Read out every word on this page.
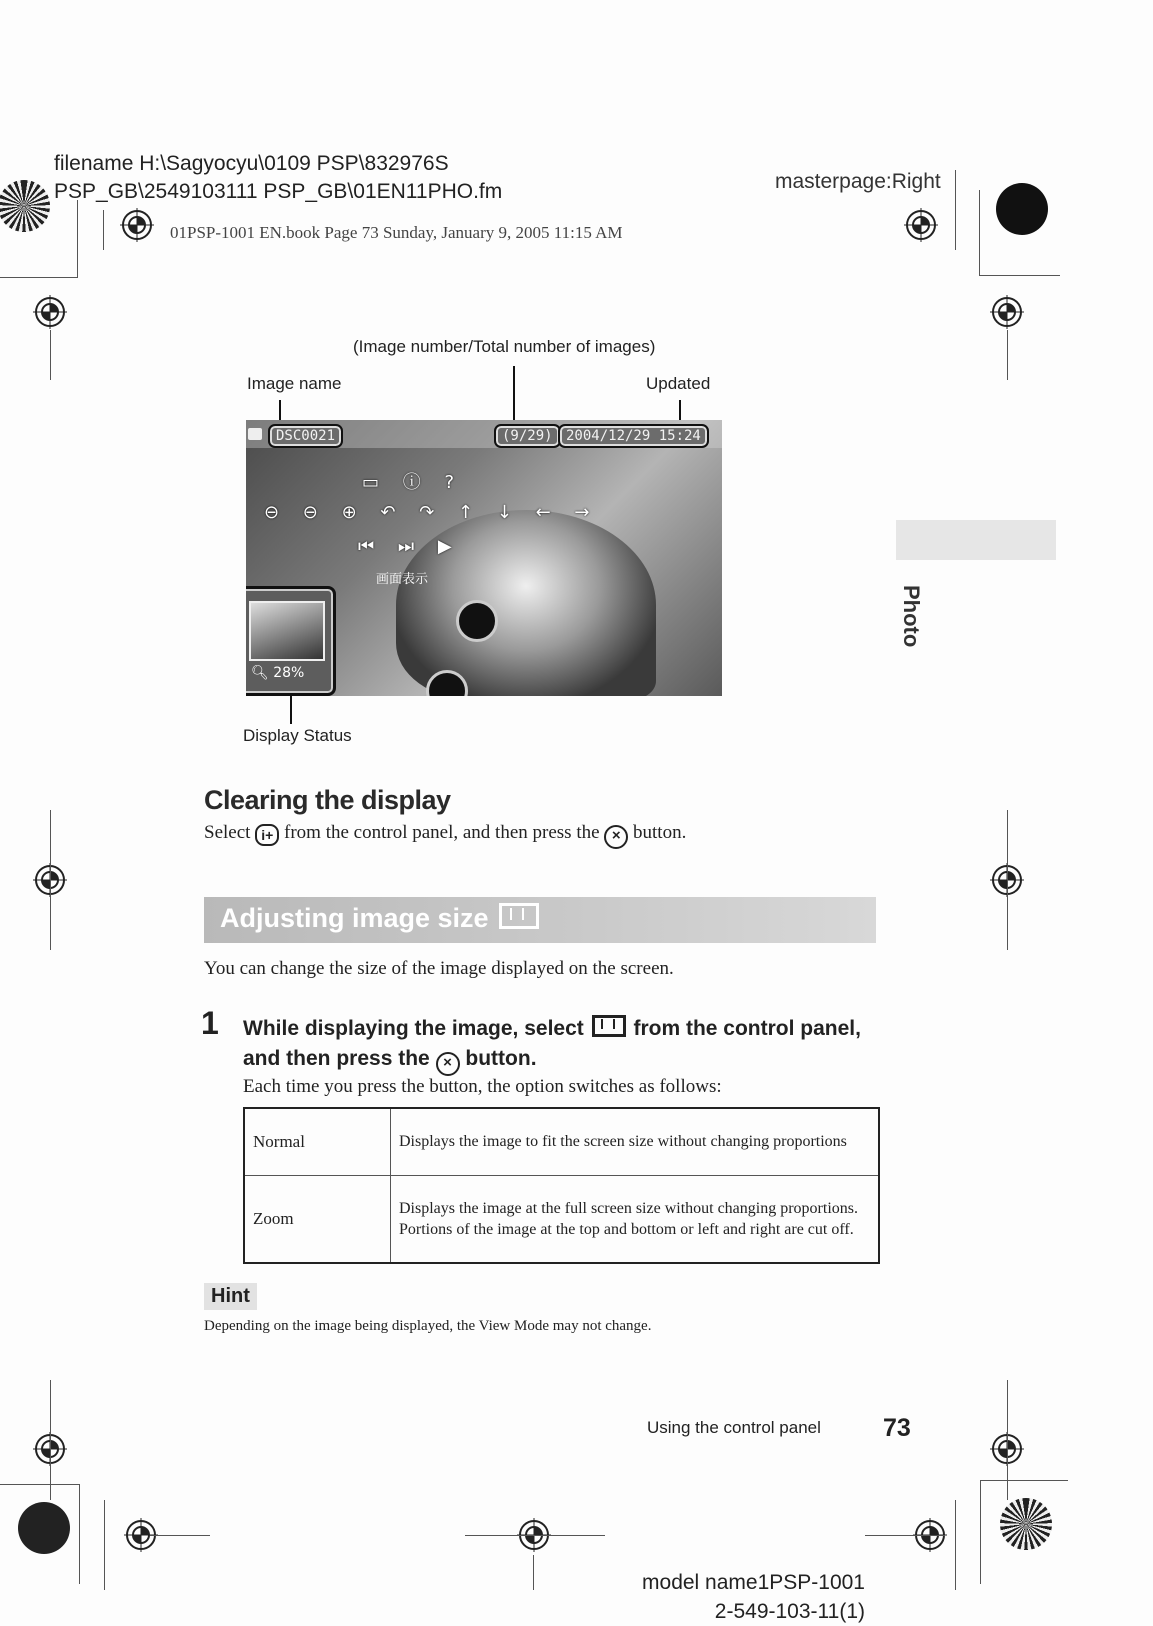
filename H:\Sagyocyu\0109 PSP\832976S
PSP_GB\2549103111 PSP_GB\01EN11PHO.fm	masterpage:Right
01PSP-1001 EN.book Page 73 Sunday, January 9, 2005 11:15 AM
(Image number/Total number of images)
Image name	Updated
DSC0021	(9/29) 2004/12/29 15:24
▭ ⓘ ?
⊖ ⊖ ⊕ ↶ ↷ ↑ ↓ ← →
⏮ ⏭ ▶
画面表示
🔍︎ 28%
Display Status
Photo
Clearing the display
Select i+ from the control panel, and then press the × button.
Adjusting image size
You can change the size of the image displayed on the screen.
1 While displaying the image, select from the control panel, and then press the × button.
Each time you press the button, the option switches as follows:
Normal	Displays the image to fit the screen size without changing proportions
Zoom	Displays the image at the full screen size without changing proportions. Portions of the image at the top and bottom or left and right are cut off.
Hint
Depending on the image being displayed, the View Mode may not change.
Using the control panel 73
model name1PSP-1001
2-549-103-11(1)
